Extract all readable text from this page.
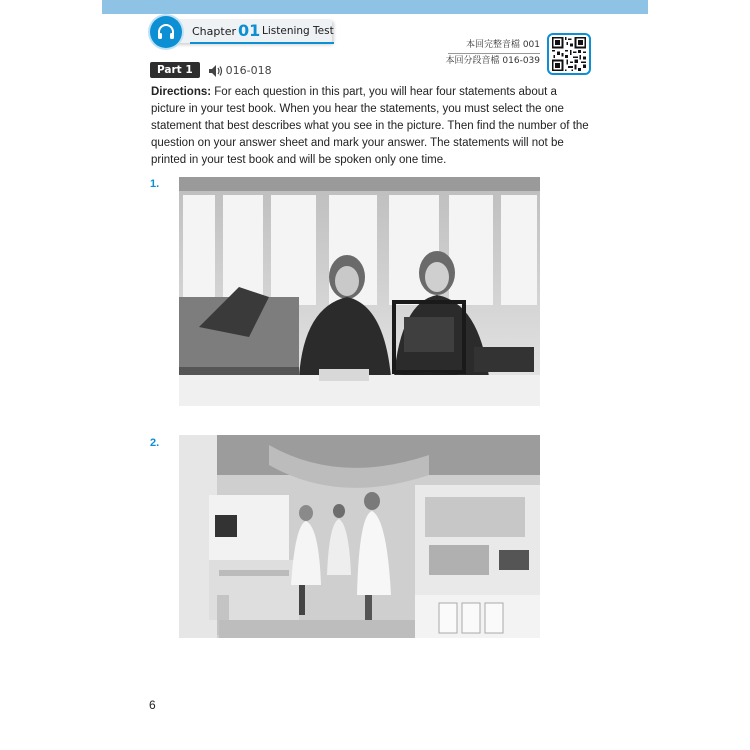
Chapter 01 Listening Test
本回完整音檔 001
本回分段音檔 016-039
Part 1	016-018

Directions: For each question in this part, you will hear four statements about a picture in your test book. When you hear the statements, you must select the one statement that best describes what you see in the picture. Then find the number of the question on your answer sheet and mark your answer. The statements will not be printed in your test book and will be spoken only one time.

1.
2.
6
